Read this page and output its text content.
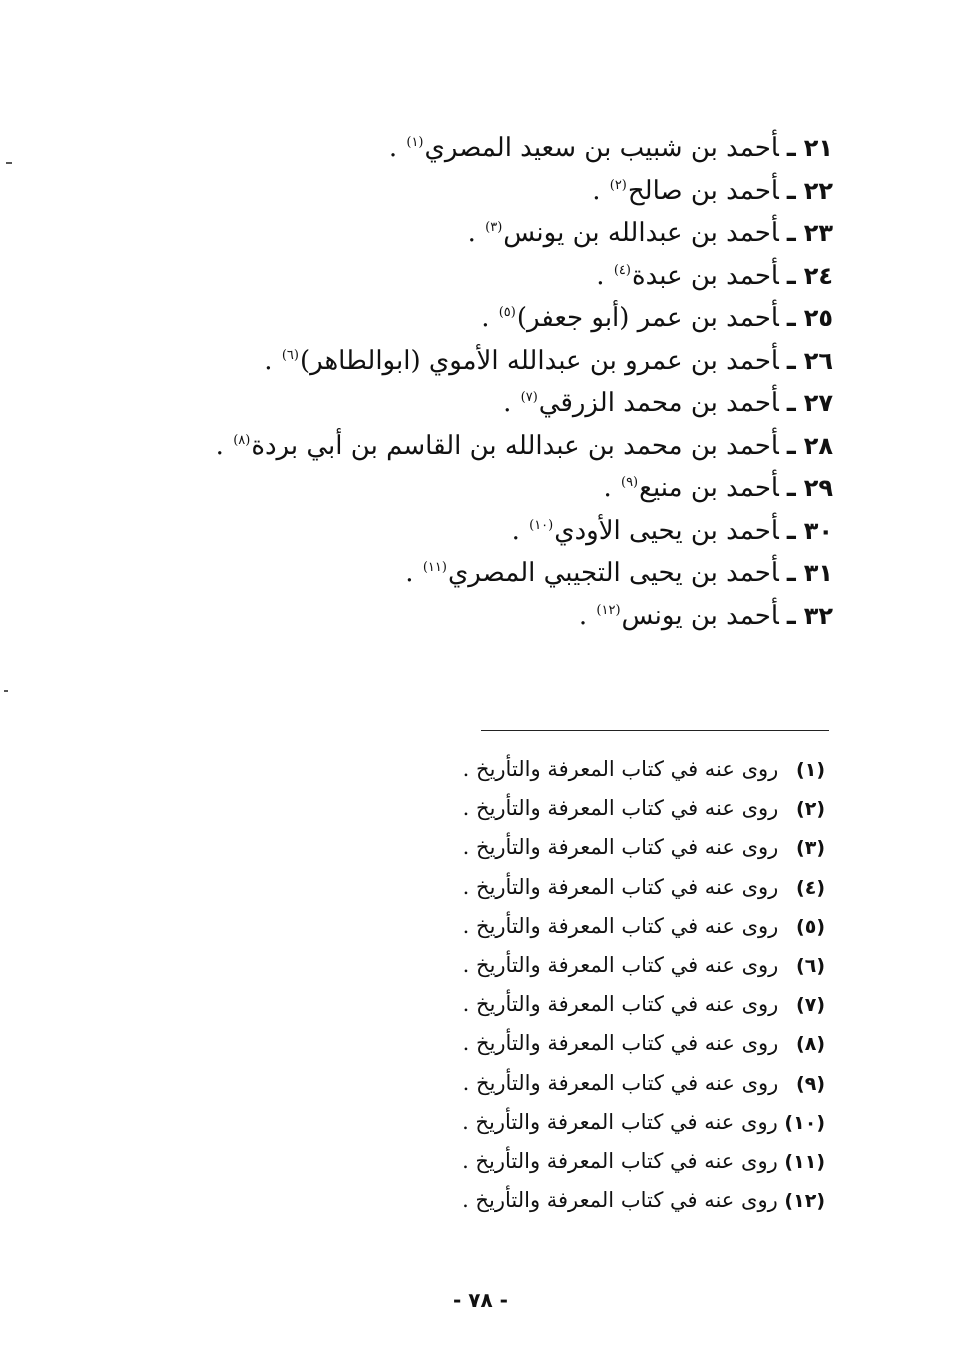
٢١ـأحمد بن شبيب بن سعيد المصري$^{(١)}$ .
٢٢ـأحمد بن صالح$^{(٢)}$ .
٢٣ـأحمد بن عبدالله بن يونس$^{(٣)}$ .
٢٤ـأحمد بن عبدة$^{(٤)}$ .
٢٥ـأحمد بن عمر (أبو جعفر)$^{(٥)}$ .
٢٦ـأحمد بن عمرو بن عبدالله الأموي (ابوالطاهر)$^{(٦)}$ .
٢٧ـأحمد بن محمد الزرقي$^{(٧)}$ .
٢٨ـأحمد بن محمد بن عبدالله بن القاسم بن أبي بردة$^{(٨)}$ .
٢٩ـأحمد بن منيع$^{(٩)}$ .
٣٠ـأحمد بن يحيى الأودي$^{(١٠)}$ .
٣١ـأحمد بن يحيى التجيبي المصري$^{(١١)}$ .
٣٢ـأحمد بن يونس$^{(١٢)}$ .
(١) روى عنه في كتاب المعرفة والتأريخ .
(٢) روى عنه في كتاب المعرفة والتأريخ .
(٣) روى عنه في كتاب المعرفة والتأريخ .
(٤) روى عنه في كتاب المعرفة والتأريخ .
(٥) روى عنه في كتاب المعرفة والتأريخ .
(٦) روى عنه في كتاب المعرفة والتأريخ .
(٧) روى عنه في كتاب المعرفة والتأريخ .
(٨) روى عنه في كتاب المعرفة والتأريخ .
(٩) روى عنه في كتاب المعرفة والتأريخ .
(١٠) روى عنه في كتاب المعرفة والتأريخ .
(١١) روى عنه في كتاب المعرفة والتأريخ .
(١٢) روى عنه في كتاب المعرفة والتأريخ .
- ٧٨ -
